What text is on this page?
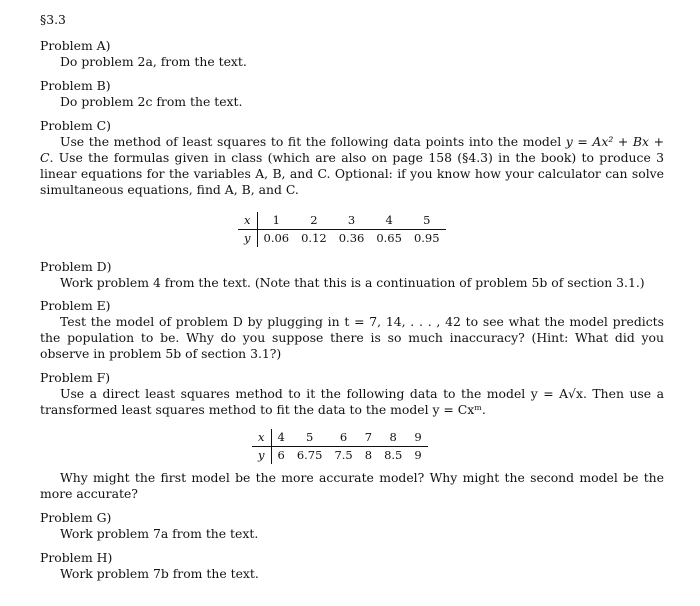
§3.3

Problem A)

Do problem 2a, from the text.

Problem B)

Do problem 2c from the text.

Problem C)

Use the method of least squares to fit the following data points into the model y = Ax² + Bx + C. Use the formulas given in class (which are also on page 158 (§4.3) in the book) to produce 3 linear equations for the variables A, B, and C. Optional: if you know how your calculator can solve simultaneous equations, find A, B, and C.

x	1	2	3	4	5
y	0.06	0.12	0.36	0.65	0.95

Problem D)

Work problem 4 from the text. (Note that this is a continuation of problem 5b of section 3.1.)

Problem E)

Test the model of problem D by plugging in t = 7, 14, . . . , 42 to see what the model predicts the population to be. Why do you suppose there is so much inaccuracy? (Hint: What did you observe in problem 5b of section 3.1?)

Problem F)

Use a direct least squares method to it the following data to the model y = A√x. Then use a transformed least squares method to fit the data to the model y = Cxᵐ.

x	4	5	6	7	8	9
y	6	6.75	7.5	8	8.5	9

Why might the first model be the more accurate model? Why might the second model be the more accurate?

Problem G)

Work problem 7a from the text.

Problem H)

Work problem 7b from the text.
